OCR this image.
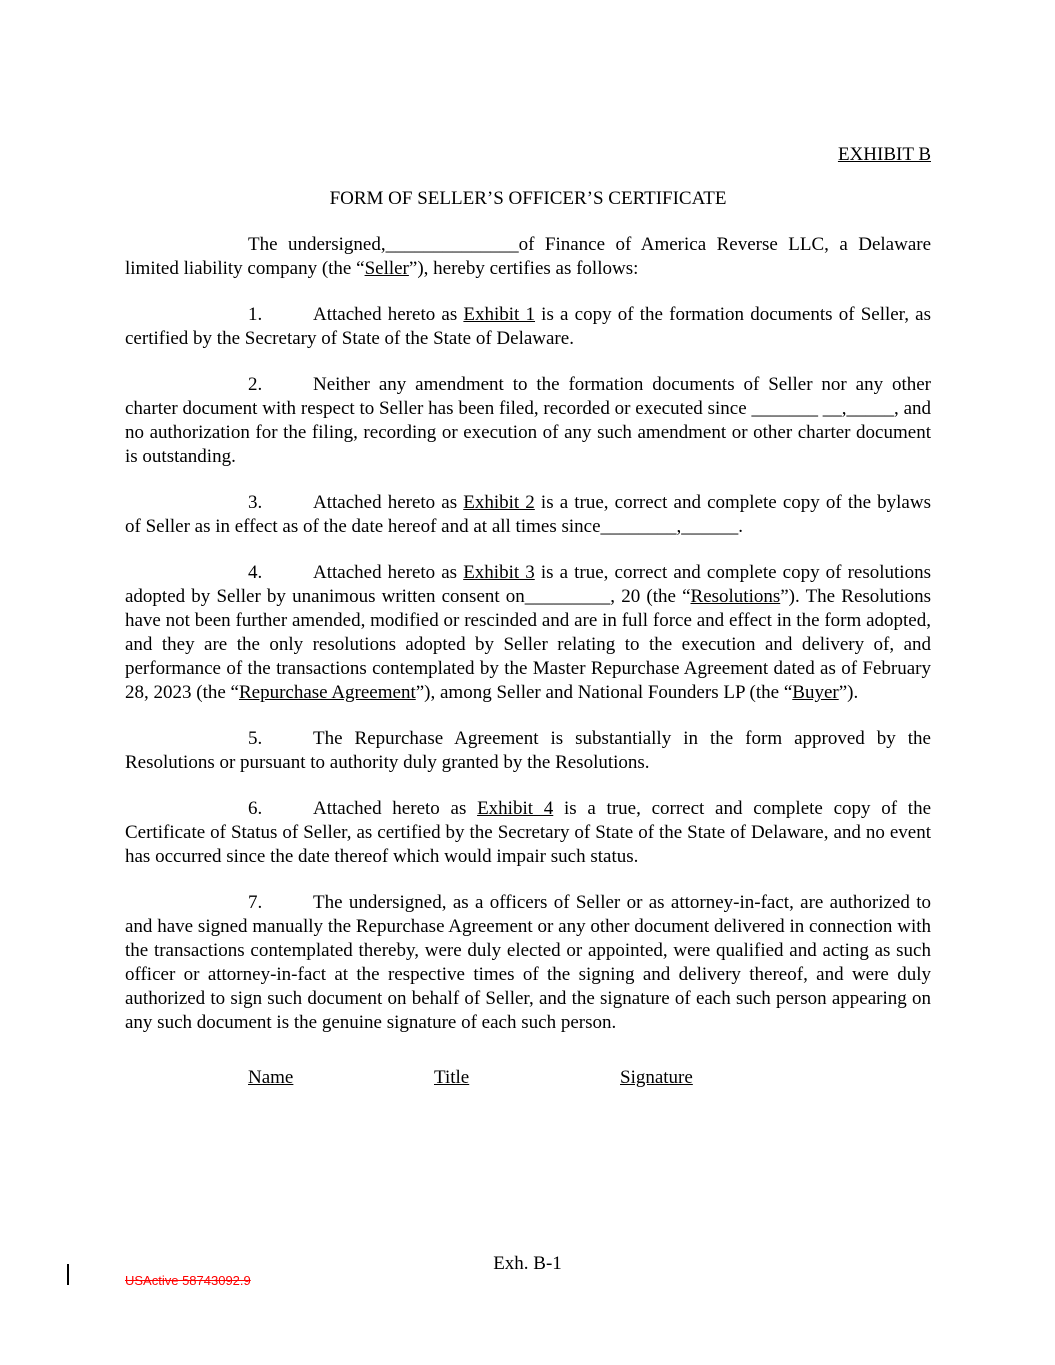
EXHIBIT B
FORM OF SELLER’S OFFICER’S CERTIFICATE

The undersigned,______________of Finance of America Reverse LLC, a Delaware limited liability company (the “Seller”), hereby certifies as follows:

1.	Attached hereto as Exhibit 1 is a copy of the formation documents of Seller, as certified by the Secretary of State of the State of Delaware.

2.	Neither any amendment to the formation documents of Seller nor any other charter document with respect to Seller has been filed, recorded or executed since _______ __,_____, and no authorization for the filing, recording or execution of any such amendment or other charter document is outstanding.

3.	Attached hereto as Exhibit 2 is a true, correct and complete copy of the bylaws of Seller as in effect as of the date hereof and at all times since________,______.

4.	Attached hereto as Exhibit 3 is a true, correct and complete copy of resolutions adopted by Seller by unanimous written consent on_________, 20 (the “Resolutions”). The Resolutions have not been further amended, modified or rescinded and are in full force and effect in the form adopted, and they are the only resolutions adopted by Seller relating to the execution and delivery of, and performance of the transactions contemplated by the Master Repurchase Agreement dated as of February 28, 2023 (the “Repurchase Agreement”), among Seller and National Founders LP (the “Buyer”).

5.	The Repurchase Agreement is substantially in the form approved by the Resolutions or pursuant to authority duly granted by the Resolutions.

6.	Attached hereto as Exhibit 4 is a true, correct and complete copy of the Certificate of Status of Seller, as certified by the Secretary of State of the State of Delaware, and no event has occurred since the date thereof which would impair such status.

7.	The undersigned, as a officers of Seller or as attorney-in-fact, are authorized to and have signed manually the Repurchase Agreement or any other document delivered in connection with the transactions contemplated thereby, were duly elected or appointed, were qualified and acting as such officer or attorney-in-fact at the respective times of the signing and delivery thereof, and were duly authorized to sign such document on behalf of Seller, and the signature of each such person appearing on any such document is the genuine signature of each such person.

Name	Title	Signature
Exh. B-1
USActive 58743092.9
